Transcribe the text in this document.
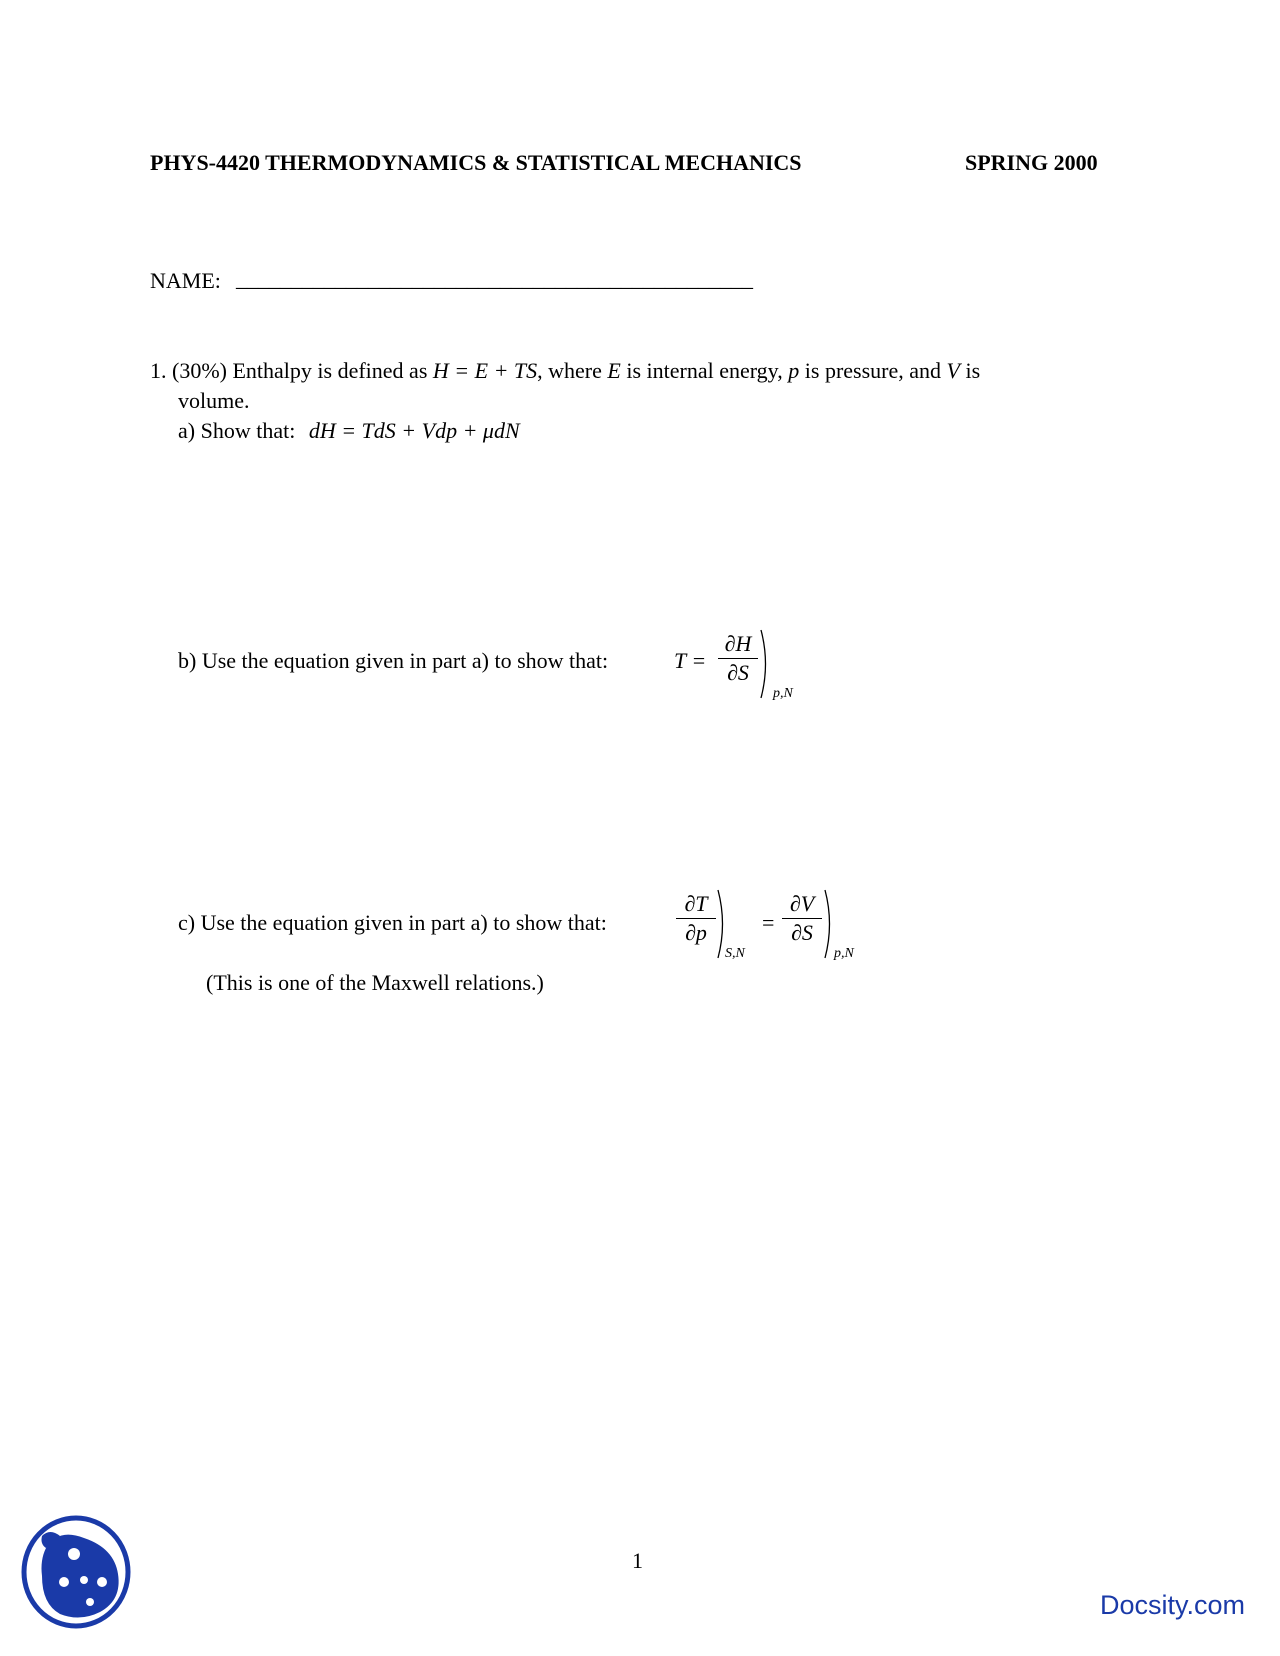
PHYS-4420 THERMODYNAMICS & STATISTICAL MECHANICS	SPRING 2000
NAME: _______________________________________________
1. (30%) Enthalpy is defined as H = E + TS, where E is internal energy, p is pressure, and V is
volume.
a) Show that: dH = TdS + Vdp + μdN
b) Use the equation given in part a) to show that:	T =
∂H
∂S
p,N
c) Use the equation given in part a) to show that:
∂T
∂p
S,N
=
∂V
∂S
p,N
(This is one of the Maxwell relations.)
1
Docsity.com
